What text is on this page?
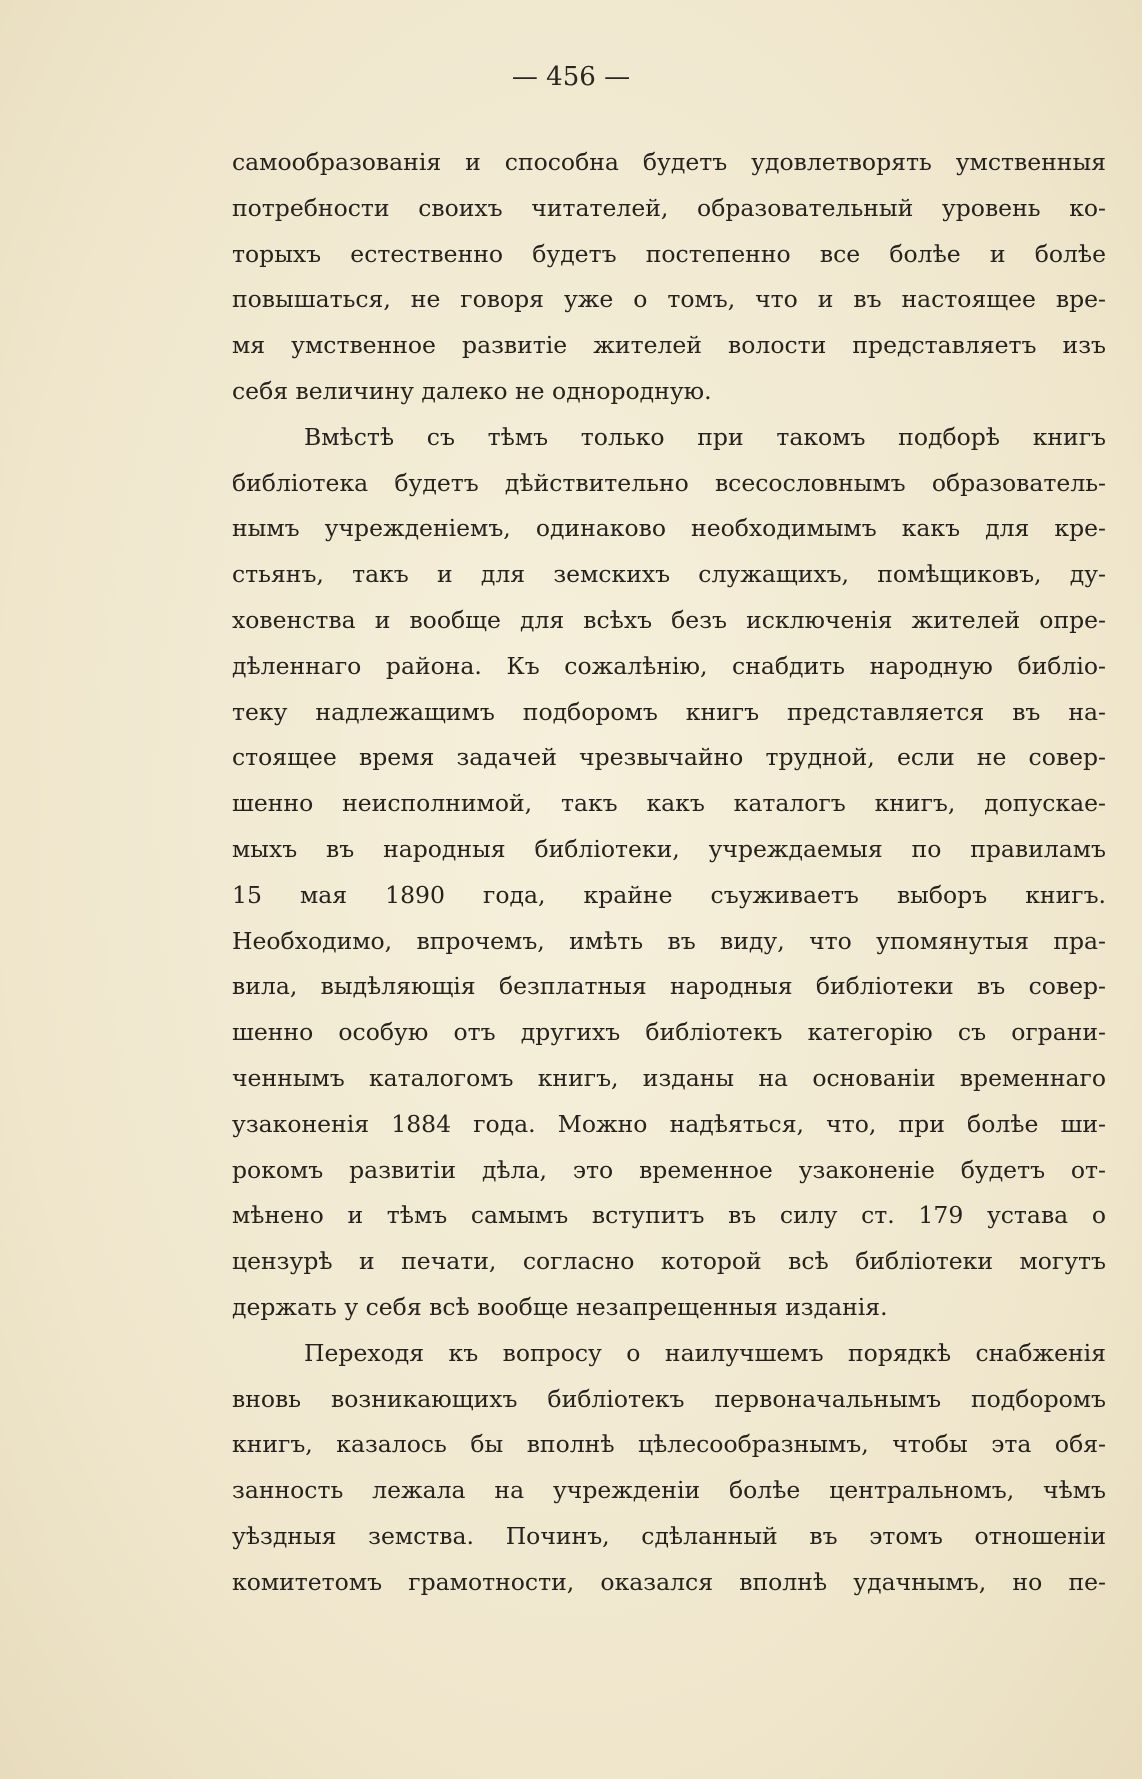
— 456 —
самообразованія и способна будетъ удовлетворять умственныя
потребности своихъ читателей, образовательный уровень ко-
торыхъ естественно будетъ постепенно все болѣе и болѣе
повышаться, не говоря уже о томъ, что и въ настоящее вре-
мя умственное развитіе жителей волости представляетъ изъ
себя величину далеко не однородную.
Вмѣстѣ съ тѣмъ только при такомъ подборѣ книгъ
библіотека будетъ дѣйствительно всесословнымъ образователь-
нымъ учрежденіемъ, одинаково необходимымъ какъ для кре-
стьянъ, такъ и для земскихъ служащихъ, помѣщиковъ, ду-
ховенства и вообще для всѣхъ безъ исключенія жителей опре-
дѣленнаго района. Къ сожалѣнію, снабдить народную библіо-
теку надлежащимъ подборомъ книгъ представляется въ на-
стоящее время задачей чрезвычайно трудной, если не совер-
шенно неисполнимой, такъ какъ каталогъ книгъ, допускае-
мыхъ въ народныя библіотеки, учреждаемыя по правиламъ
15 мая 1890 года, крайне съуживаетъ выборъ книгъ.
Необходимо, впрочемъ, имѣть въ виду, что упомянутыя пра-
вила, выдѣляющія безплатныя народныя библіотеки въ совер-
шенно особую отъ другихъ библіотекъ категорію съ ограни-
ченнымъ каталогомъ книгъ, изданы на основаніи временнаго
узаконенія 1884 года. Можно надѣяться, что, при болѣе ши-
рокомъ развитіи дѣла, это временное узаконеніе будетъ от-
мѣнено и тѣмъ самымъ вступитъ въ силу ст. 179 устава о
цензурѣ и печати, согласно которой всѣ библіотеки могутъ
держать у себя всѣ вообще незапрещенныя изданія.
Переходя къ вопросу о наилучшемъ порядкѣ снабженія
вновь возникающихъ библіотекъ первоначальнымъ подборомъ
книгъ, казалось бы вполнѣ цѣлесообразнымъ, чтобы эта обя-
занность лежала на учрежденіи болѣе центральномъ, чѣмъ
уѣздныя земства. Починъ, сдѣланный въ этомъ отношеніи
комитетомъ грамотности, оказался вполнѣ удачнымъ, но пе-
